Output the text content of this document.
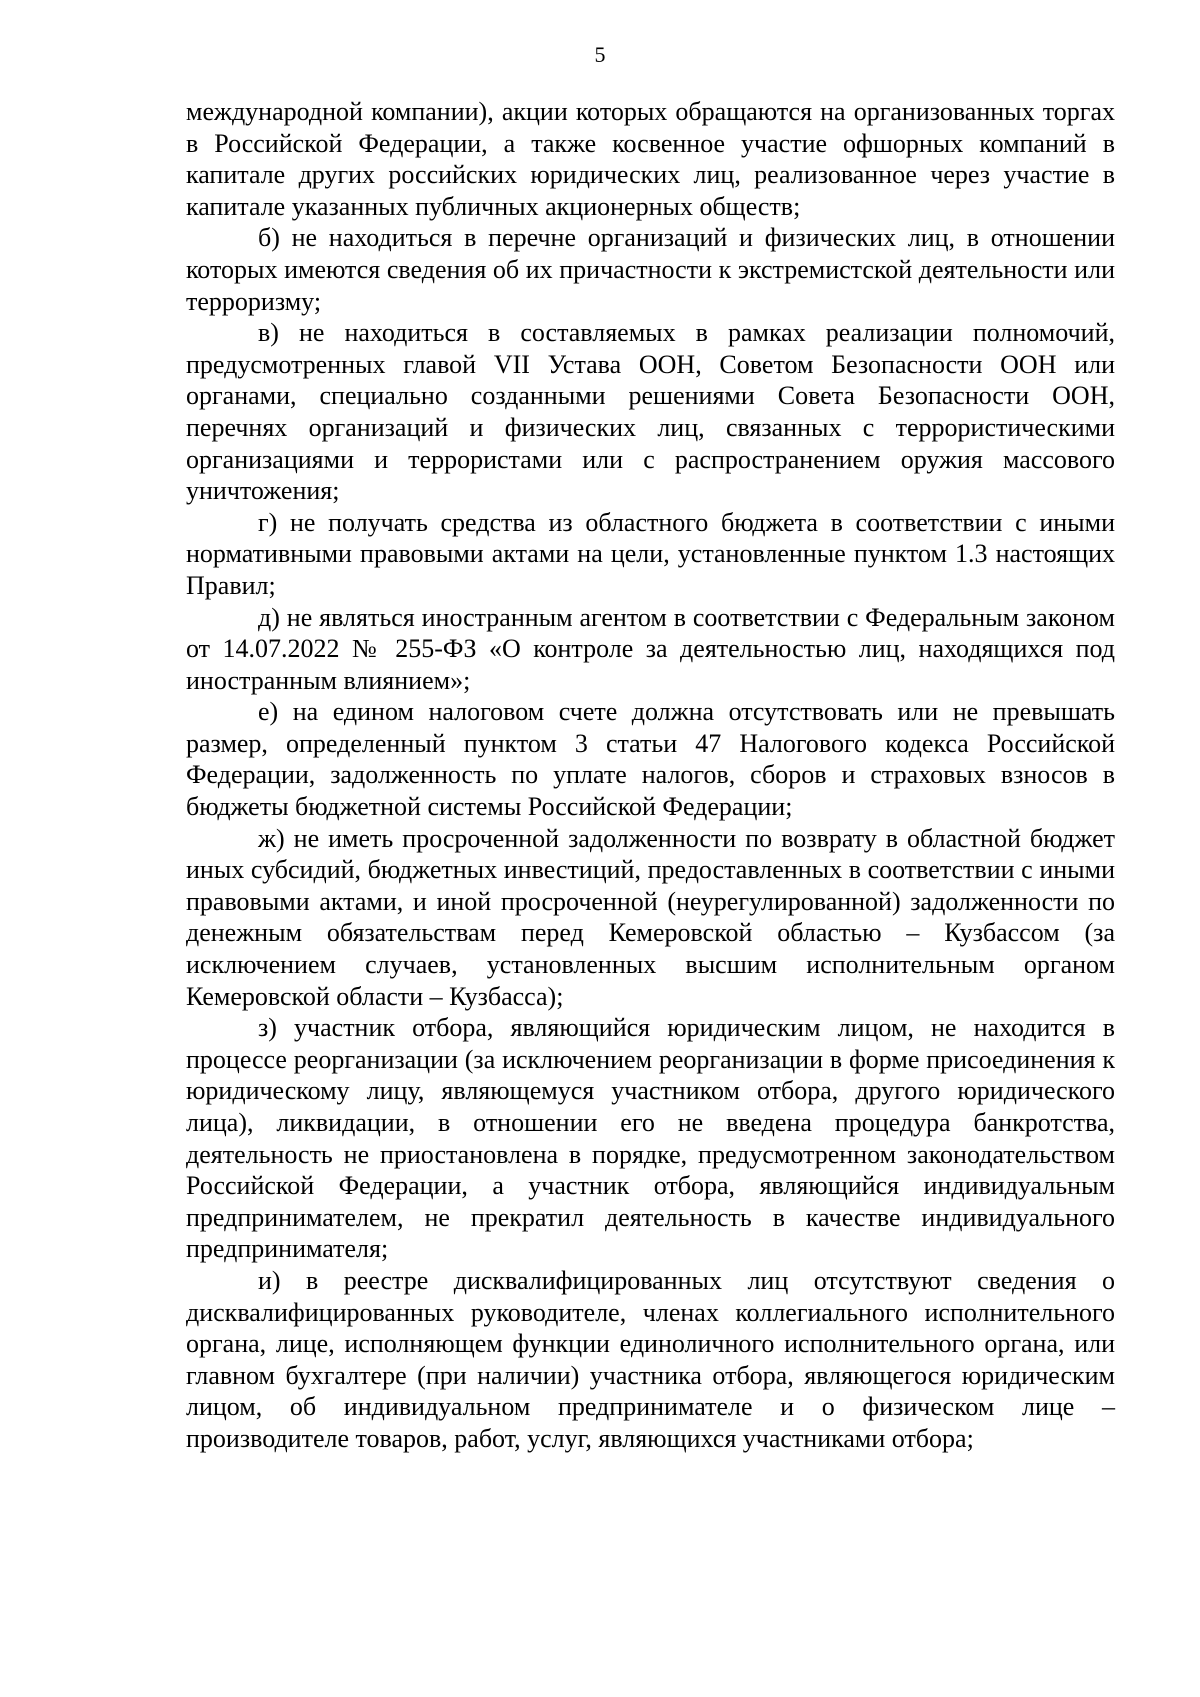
5

международной компании), акции которых обращаются на организованных торгах в Российской Федерации, а также косвенное участие офшорных компаний в капитале других российских юридических лиц, реализованное через участие в капитале указанных публичных акционерных обществ;

б) не находиться в перечне организаций и физических лиц, в отношении которых имеются сведения об их причастности к экстремистской деятельности или терроризму;

в) не находиться в составляемых в рамках реализации полномочий, предусмотренных главой VII Устава ООН, Советом Безопасности ООН или органами, специально созданными решениями Совета Безопасности ООН, перечнях организаций и физических лиц, связанных с террористическими организациями и террористами или с распространением оружия массового уничтожения;

г) не получать средства из областного бюджета в соответствии с иными нормативными правовыми актами на цели, установленные пунктом 1.3 настоящих Правил;

д) не являться иностранным агентом в соответствии с Федеральным законом от 14.07.2022 № 255-ФЗ «О контроле за деятельностью лиц, находящихся под иностранным влиянием»;

е) на едином налоговом счете должна отсутствовать или не превышать размер, определенный пунктом 3 статьи 47 Налогового кодекса Российской Федерации, задолженность по уплате налогов, сборов и страховых взносов в бюджеты бюджетной системы Российской Федерации;

ж) не иметь просроченной задолженности по возврату в областной бюджет иных субсидий, бюджетных инвестиций, предоставленных в соответствии с иными правовыми актами, и иной просроченной (неурегулированной) задолженности по денежным обязательствам перед Кемеровской областью – Кузбассом (за исключением случаев, установленных высшим исполнительным органом Кемеровской области – Кузбасса);

з) участник отбора, являющийся юридическим лицом, не находится в процессе реорганизации (за исключением реорганизации в форме присоединения к юридическому лицу, являющемуся участником отбора, другого юридического лица), ликвидации, в отношении его не введена процедура банкротства, деятельность не приостановлена в порядке, предусмотренном законодательством Российской Федерации, а участник отбора, являющийся индивидуальным предпринимателем, не прекратил деятельность в качестве индивидуального предпринимателя;

и) в реестре дисквалифицированных лиц отсутствуют сведения о дисквалифицированных руководителе, членах коллегиального исполнительного органа, лице, исполняющем функции единоличного исполнительного органа, или главном бухгалтере (при наличии) участника отбора, являющегося юридическим лицом, об индивидуальном предпринимателе и о физическом лице – производителе товаров, работ, услуг, являющихся участниками отбора;
